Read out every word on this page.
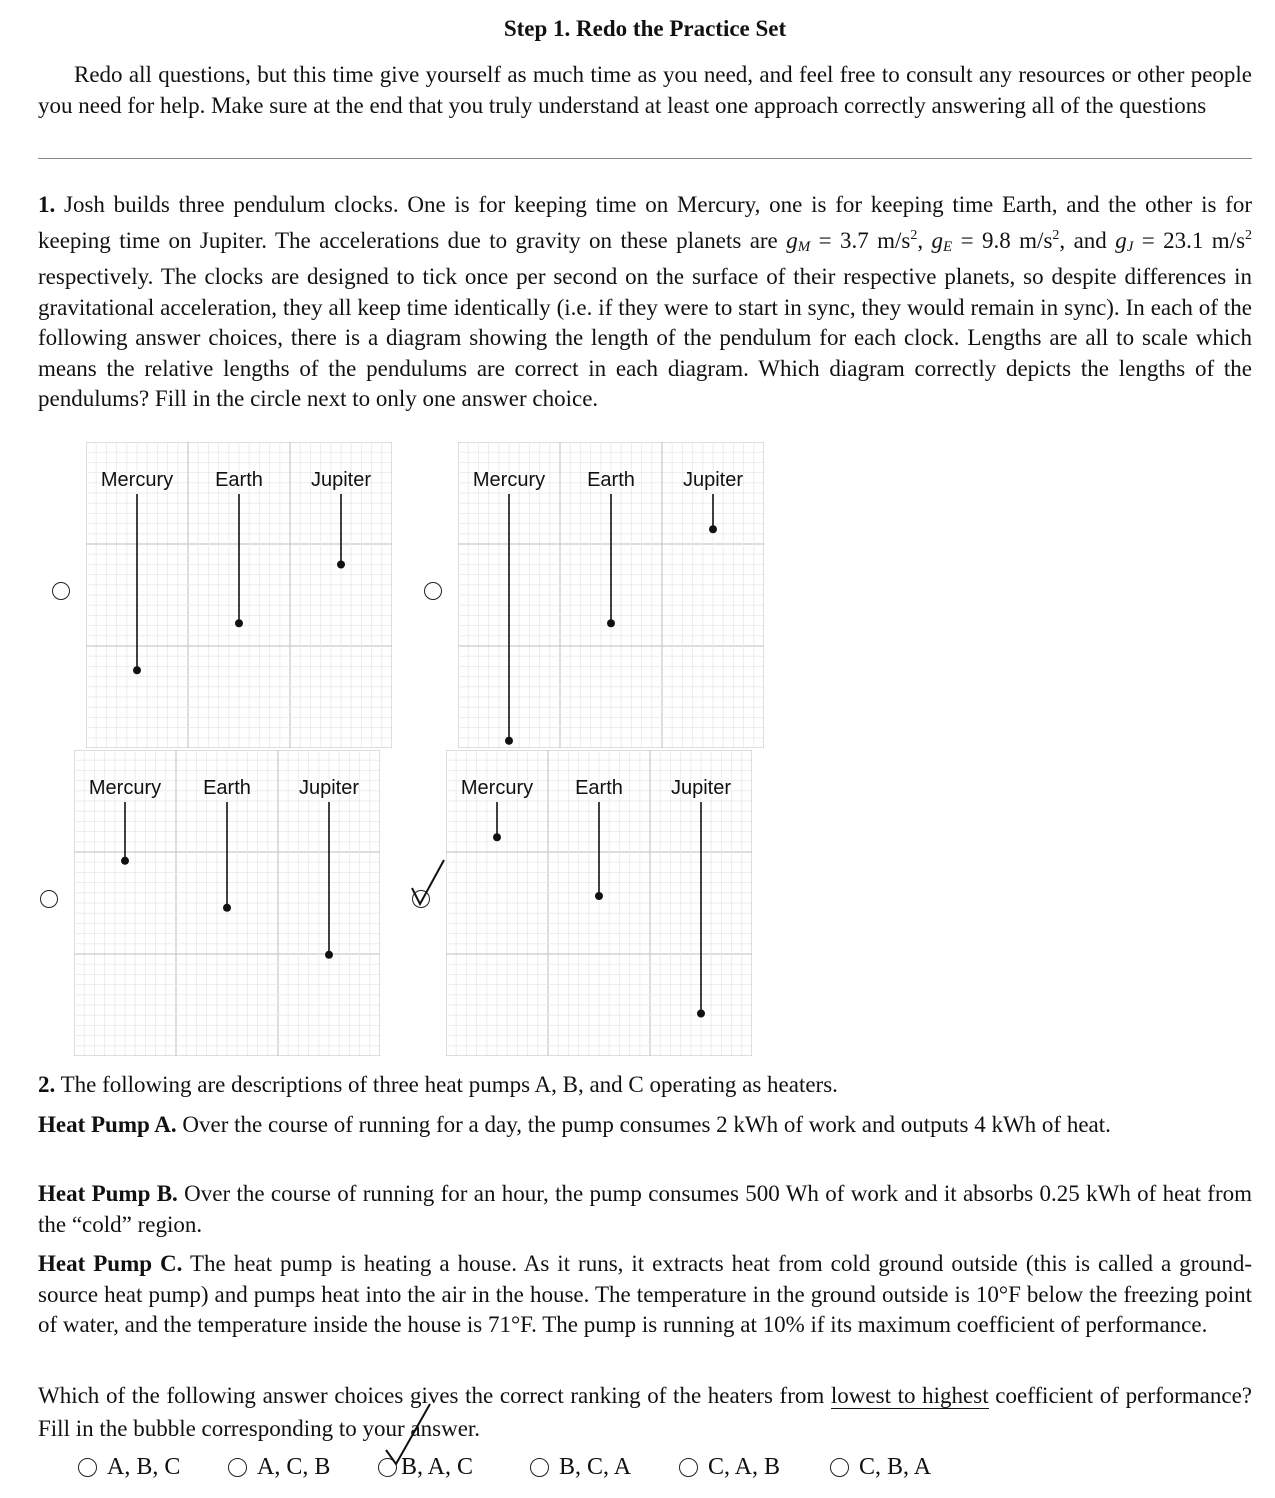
Step 1. Redo the Practice Set
Redo all questions, but this time give yourself as much time as you need, and feel free to consult any resources or other people you need for help. Make sure at the end that you truly understand at least one approach correctly answering all of the questions
1. Josh builds three pendulum clocks. One is for keeping time on Mercury, one is for keeping time Earth, and the other is for keeping time on Jupiter. The accelerations due to gravity on these planets are $g_M = 3.7$ $m/s^2$, $g_E = 9.8$ $m/s^2$, and $g_J = 23.1$ $m/s^2$ respectively. The clocks are designed to tick once per second on the surface of their respective planets, so despite differences in gravitational acceleration, they all keep time identically (i.e. if they were to start in sync, they would remain in sync). In each of the following answer choices, there is a diagram showing the length of the pendulum for each clock. Lengths are all to scale which means the relative lengths of the pendulums are correct in each diagram. Which diagram correctly depicts the lengths of the pendulums? Fill in the circle next to only one answer choice.
Mercury	Earth	Jupiter	Mercury	Earth	Jupiter
Mercury	Earth	Jupiter	Mercury	Earth	Jupiter
2. The following are descriptions of three heat pumps A, B, and C operating as heaters.
Heat Pump A. Over the course of running for a day, the pump consumes 2 kWh of work and outputs 4 kWh of heat.
Heat Pump B. Over the course of running for an hour, the pump consumes 500 Wh of work and it absorbs 0.25 kWh of heat from the “cold” region.
Heat Pump C. The heat pump is heating a house. As it runs, it extracts heat from cold ground outside (this is called a ground-source heat pump) and pumps heat into the air in the house. The temperature in the ground outside is 10°F below the freezing point of water, and the temperature inside the house is 71°F. The pump is running at 10% if its maximum coefficient of performance.
Which of the following answer choices gives the correct ranking of the heaters from lowest to highest coefficient of performance? Fill in the bubble corresponding to your answer.
A, B, C	A, C, B	B, A, C	B, C, A	C, A, B	C, B, A
